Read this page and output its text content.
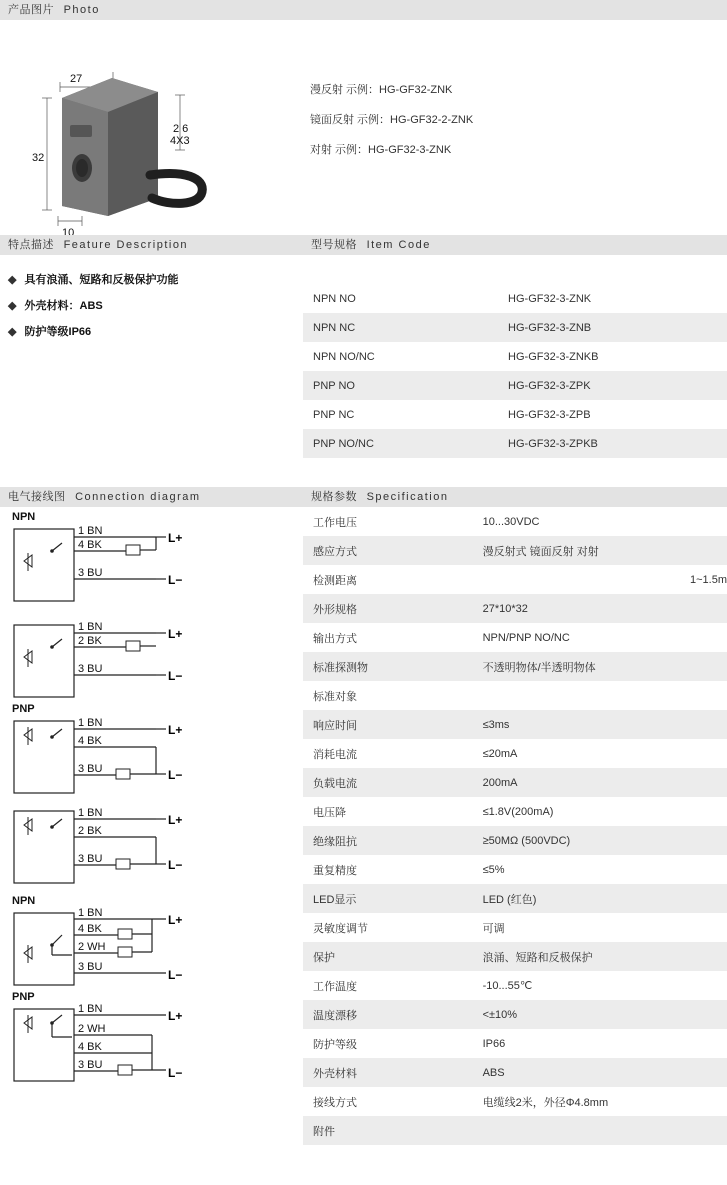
产品图片 Photo
27
2 6
4X3
32
10
漫反射 示例：HG-GF32-ZNK
镜面反射 示例：HG-GF32-2-ZNK
对射 示例：HG-GF32-3-ZNK
特点描述 Feature Description	型号规格 Item Code
◆ 具有浪涌、短路和反极保护功能
◆ 外壳材料：ABS
◆ 防护等级IP66

NPN NO	HG-GF32-3-ZNK
NPN NC	HG-GF32-3-ZNB
NPN NO/NC	HG-GF32-3-ZNKB
PNP NO	HG-GF32-3-ZPK
PNP NC	HG-GF32-3-ZPB
PNP NO/NC	HG-GF32-3-ZPKB

电气接线图 Connection diagram	规格参数 Specification
NPN
1 BN
4 BK
3 BU
L+
L−
1 BN
2 BK
3 BU
L+
L−
PNP
1 BN
4 BK
3 BU
L+
L−
1 BN
2 BK
3 BU
L+
L−
NPN
1 BN
4 BK
2 WH
3 BU
L+
L−
PNP
1 BN
2 WH
4 BK
3 BU
L+
L−
工作电压	10...30VDC
感应方式	漫反射式 镜面反射 对射
检测距离	1~1.5m
外形规格	27*10*32
输出方式	NPN/PNP NO/NC
标准探测物	不透明物体/半透明物体
标准对象	
响应时间	≤3ms
消耗电流	≤20mA
负载电流	200mA
电压降	≤1.8V(200mA)
绝缘阻抗	≥50MΩ (500VDC)
重复精度	≤5%
LED显示	LED (红色)
灵敏度调节	可调
保护	浪涌、短路和反极保护
工作温度	-10...55℃
温度漂移	<±10%
防护等级	IP66
外壳材料	ABS
接线方式	电缆线2米，外径Φ4.8mm
附件	
